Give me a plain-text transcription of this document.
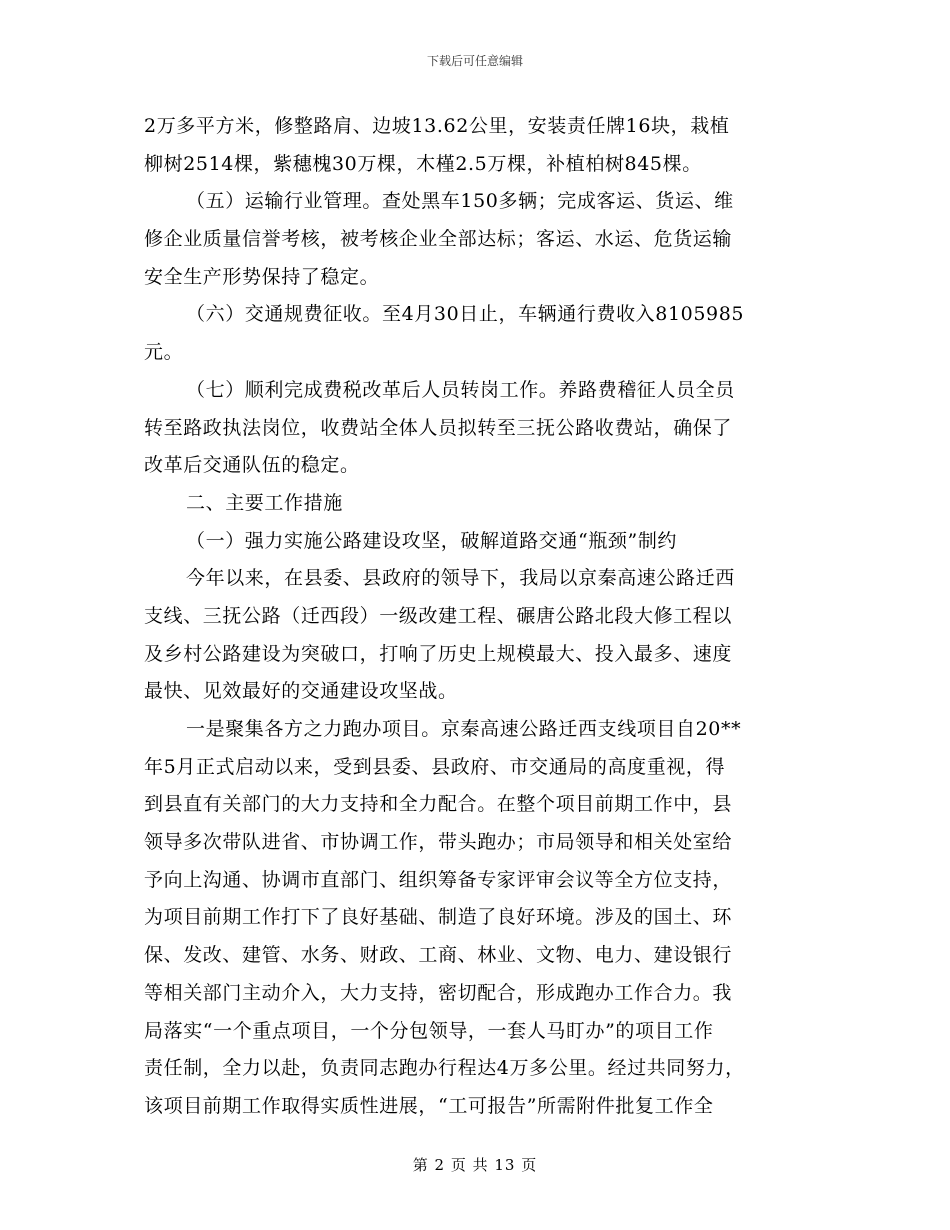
下载后可任意编辑
2万多平方米，修整路肩、边坡13.62公里，安装责任牌16块，栽植
柳树2514棵，紫穗槐30万棵，木槿2.5万棵，补植柏树845棵。
（五）运输行业管理。查处黑车150多辆；完成客运、货运、维
修企业质量信誉考核，被考核企业全部达标；客运、水运、危货运输
安全生产形势保持了稳定。
（六）交通规费征收。至4月30日止，车辆通行费收入8105985
元。
（七）顺利完成费税改革后人员转岗工作。养路费稽征人员全员
转至路政执法岗位，收费站全体人员拟转至三抚公路收费站，确保了
改革后交通队伍的稳定。
二、主要工作措施
（一）强力实施公路建设攻坚，破解道路交通“瓶颈”制约
今年以来，在县委、县政府的领导下，我局以京秦高速公路迁西
支线、三抚公路（迁西段）一级改建工程、碾唐公路北段大修工程以
及乡村公路建设为突破口，打响了历史上规模最大、投入最多、速度
最快、见效最好的交通建设攻坚战。
一是聚集各方之力跑办项目。京秦高速公路迁西支线项目自20**
年5月正式启动以来，受到县委、县政府、市交通局的高度重视，得
到县直有关部门的大力支持和全力配合。在整个项目前期工作中，县
领导多次带队进省、市协调工作，带头跑办；市局领导和相关处室给
予向上沟通、协调市直部门、组织筹备专家评审会议等全方位支持，
为项目前期工作打下了良好基础、制造了良好环境。涉及的国土、环
保、发改、建管、水务、财政、工商、林业、文物、电力、建设银行
等相关部门主动介入，大力支持，密切配合，形成跑办工作合力。我
局落实“一个重点项目，一个分包领导，一套人马盯办”的项目工作
责任制，全力以赴，负责同志跑办行程达4万多公里。经过共同努力，
该项目前期工作取得实质性进展，“工可报告”所需附件批复工作全
第 2 页 共 13 页
